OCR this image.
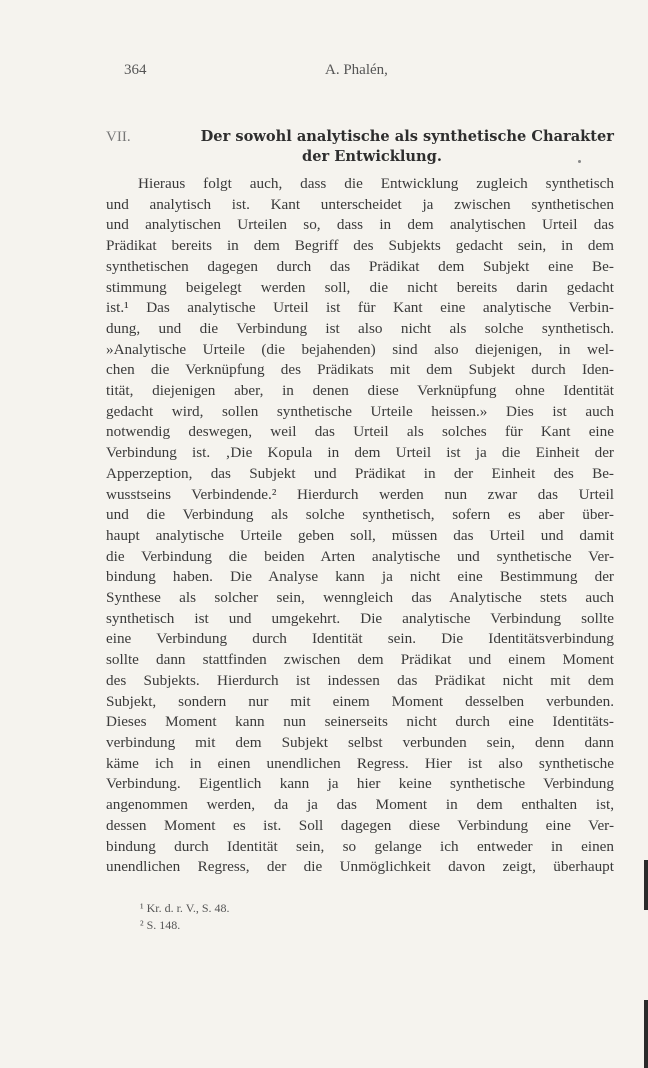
364	A. Phalén,
VII.	Der sowohl analytische als synthetische Charakter
der Entwicklung.
Hieraus folgt auch, dass die Entwicklung zugleich synthetisch
und analytisch ist. Kant unterscheidet ja zwischen synthetischen
und analytischen Urteilen so, dass in dem analytischen Urteil das
Prädikat bereits in dem Begriff des Subjekts gedacht sein, in dem
synthetischen dagegen durch das Prädikat dem Subjekt eine Be-
stimmung beigelegt werden soll, die nicht bereits darin gedacht
ist.¹ Das analytische Urteil ist für Kant eine analytische Verbin-
dung, und die Verbindung ist also nicht als solche synthetisch.
»Analytische Urteile (die bejahenden) sind also diejenigen, in wel-
chen die Verknüpfung des Prädikats mit dem Subjekt durch Iden-
tität, diejenigen aber, in denen diese Verknüpfung ohne Identität
gedacht wird, sollen synthetische Urteile heissen.» Dies ist auch
notwendig deswegen, weil das Urteil als solches für Kant eine
Verbindung ist. ‚Die Kopula in dem Urteil ist ja die Einheit der
Apperzeption, das Subjekt und Prädikat in der Einheit des Be-
wusstseins Verbindende.² Hierdurch werden nun zwar das Urteil
und die Verbindung als solche synthetisch, sofern es aber über-
haupt analytische Urteile geben soll, müssen das Urteil und damit
die Verbindung die beiden Arten analytische und synthetische Ver-
bindung haben. Die Analyse kann ja nicht eine Bestimmung der
Synthese als solcher sein, wenngleich das Analytische stets auch
synthetisch ist und umgekehrt. Die analytische Verbindung sollte
eine Verbindung durch Identität sein. Die Identitätsverbindung
sollte dann stattfinden zwischen dem Prädikat und einem Moment
des Subjekts. Hierdurch ist indessen das Prädikat nicht mit dem
Subjekt, sondern nur mit einem Moment desselben verbunden.
Dieses Moment kann nun seinerseits nicht durch eine Identitäts-
verbindung mit dem Subjekt selbst verbunden sein, denn dann
käme ich in einen unendlichen Regress. Hier ist also synthetische
Verbindung. Eigentlich kann ja hier keine synthetische Verbindung
angenommen werden, da ja das Moment in dem enthalten ist,
dessen Moment es ist. Soll dagegen diese Verbindung eine Ver-
bindung durch Identität sein, so gelange ich entweder in einen
unendlichen Regress, der die Unmöglichkeit davon zeigt, überhaupt
¹ Kr. d. r. V., S. 48.
² S. 148.
